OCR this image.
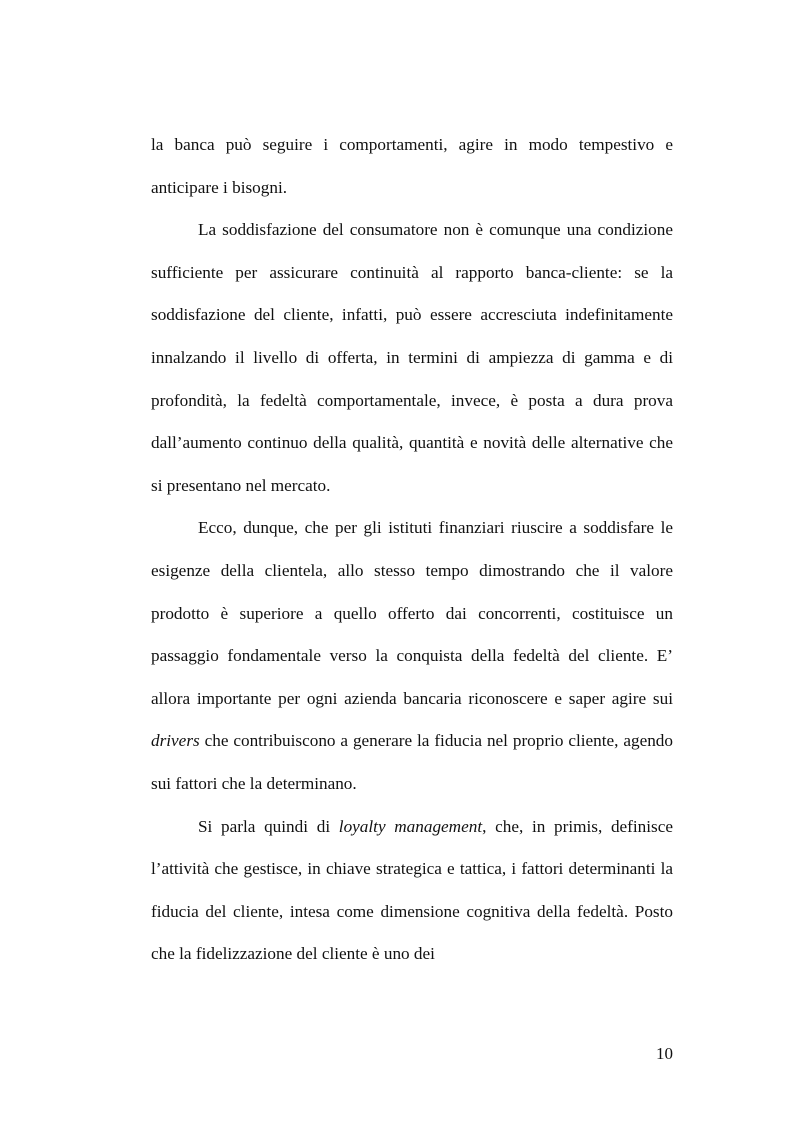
la banca può seguire i comportamenti, agire in modo tempestivo e anticipare i bisogni.

La soddisfazione del consumatore non è comunque una condizione sufficiente per assicurare continuità al rapporto banca-cliente: se la soddisfazione del cliente, infatti, può essere accresciuta indefinitamente innalzando il livello di offerta, in termini di ampiezza di gamma e di profondità, la fedeltà comportamentale, invece, è posta a dura prova dall’aumento continuo della qualità, quantità e novità delle alternative che si presentano nel mercato.

Ecco, dunque, che per gli istituti finanziari riuscire a soddisfare le esigenze della clientela, allo stesso tempo dimostrando che il valore prodotto è superiore a quello offerto dai concorrenti, costituisce un passaggio fondamentale verso la conquista della fedeltà del cliente. E’ allora importante per ogni azienda bancaria riconoscere e saper agire sui drivers che contribuiscono a generare la fiducia nel proprio cliente, agendo sui fattori che la determinano.

Si parla quindi di loyalty management, che, in primis, definisce l’attività che gestisce, in chiave strategica e tattica, i fattori determinanti la fiducia del cliente, intesa come dimensione cognitiva della fedeltà. Posto che la fidelizzazione del cliente è uno dei

10
